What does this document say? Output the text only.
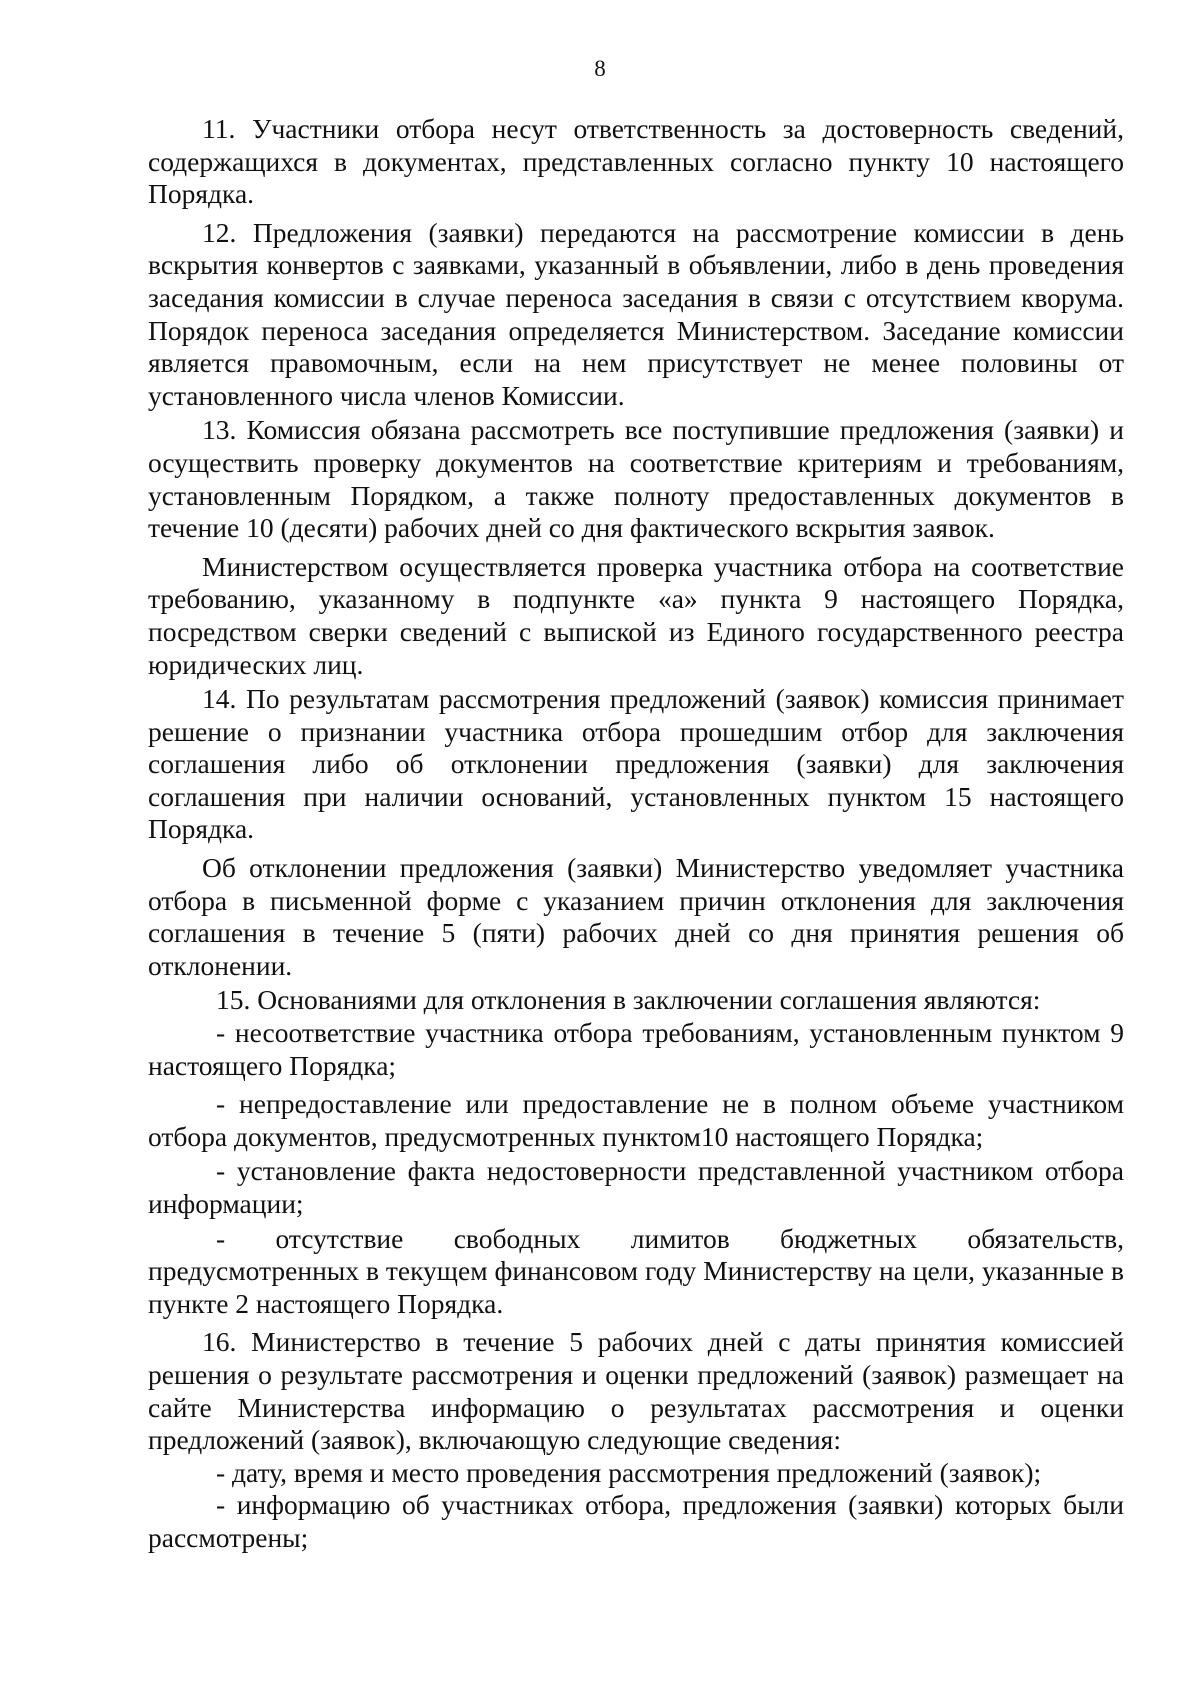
8

11. Участники отбора несут ответственность за достоверность сведений, содержащихся в документах, представленных согласно пункту 10 настоящего Порядка.

12. Предложения (заявки) передаются на рассмотрение комиссии в день вскрытия конвертов с заявками, указанный в объявлении, либо в день проведения заседания комиссии в случае переноса заседания в связи с отсутствием кворума. Порядок переноса заседания определяется Министерством. Заседание комиссии является правомочным, если на нем присутствует не менее половины от установленного числа членов Комиссии.

13. Комиссия обязана рассмотреть все поступившие предложения (заявки) и осуществить проверку документов на соответствие критериям и требованиям, установленным Порядком, а также полноту предоставленных документов в течение 10 (десяти) рабочих дней со дня фактического вскрытия заявок.

Министерством осуществляется проверка участника отбора на соответствие требованию, указанному в подпункте «а» пункта 9 настоящего Порядка, посредством сверки сведений с выпиской из Единого государственного реестра юридических лиц.

14. По результатам рассмотрения предложений (заявок) комиссия принимает решение о признании участника отбора прошедшим отбор для заключения соглашения либо об отклонении предложения (заявки) для заключения соглашения при наличии оснований, установленных пунктом 15 настоящего Порядка.

Об отклонении предложения (заявки) Министерство уведомляет участника отбора в письменной форме с указанием причин отклонения для заключения соглашения в течение 5 (пяти) рабочих дней со дня принятия решения об отклонении.

15. Основаниями для отклонения в заключении соглашения являются:

- несоответствие участника отбора требованиям, установленным пунктом 9 настоящего Порядка;

- непредоставление или предоставление не в полном объеме участником отбора документов, предусмотренных пунктом10 настоящего Порядка;

- установление факта недостоверности представленной участником отбора информации;

- отсутствие свободных лимитов бюджетных обязательств, предусмотренных в текущем финансовом году Министерству на цели, указанные в пункте 2 настоящего Порядка.

16. Министерство в течение 5 рабочих дней с даты принятия комиссией решения о результате рассмотрения и оценки предложений (заявок) размещает на сайте Министерства информацию о результатах рассмотрения и оценки предложений (заявок), включающую следующие сведения:

- дату, время и место проведения рассмотрения предложений (заявок);

- информацию об участниках отбора, предложения (заявки) которых были рассмотрены;
